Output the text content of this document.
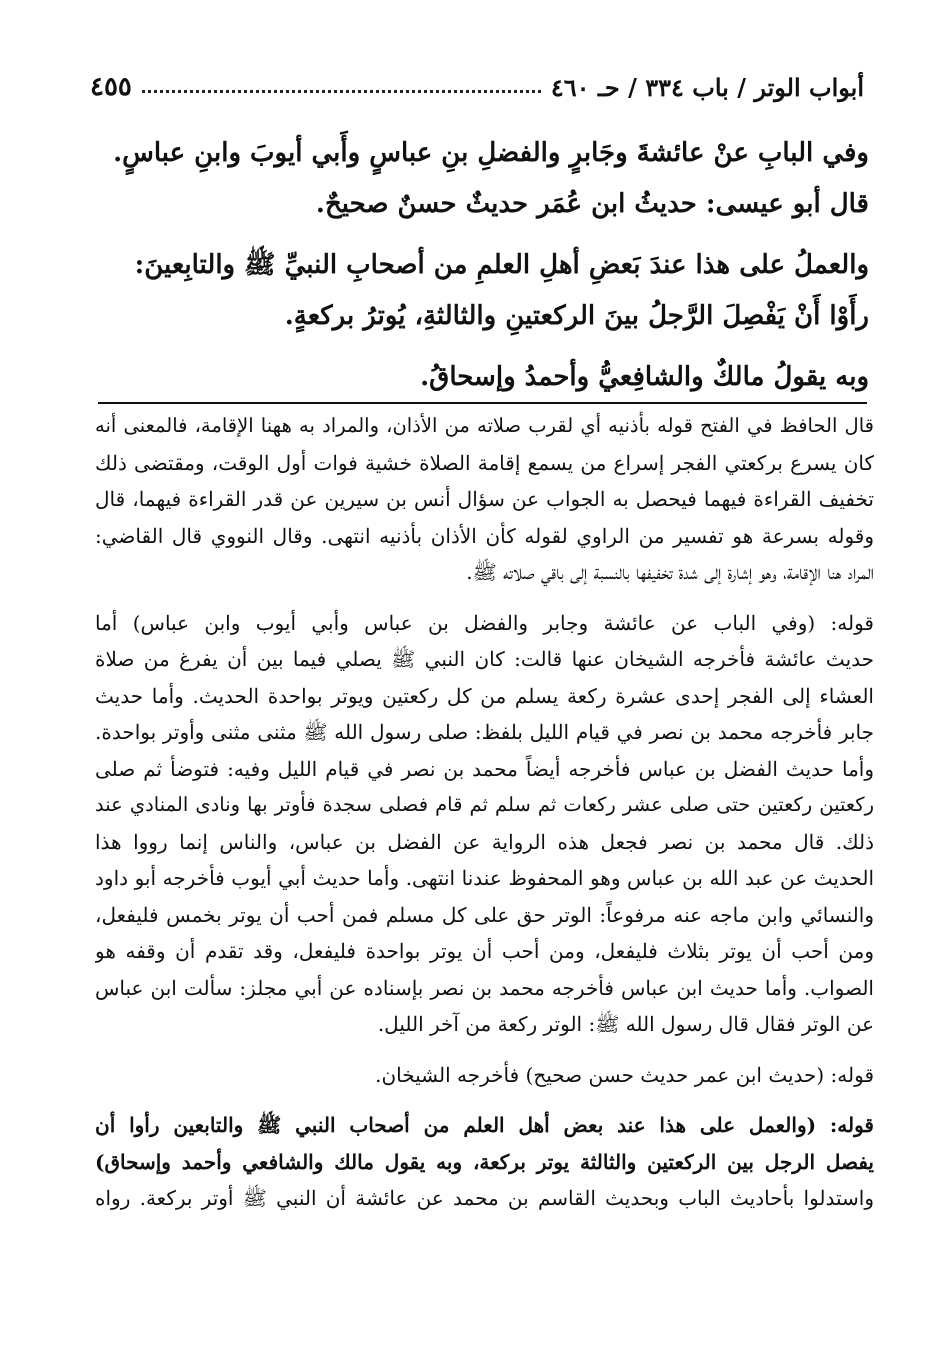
٤٥٥	أبواب الوتر / باب ٣٣٤ / حـ ٤٦٠
وفي البابِ عنْ عائشةَ وجَابرٍ والفضلِ بنِ عباسٍ وأَبي أيوبَ وابنِ عباسٍ.
قال أبو عيسى: حديثُ ابن عُمَر حديثٌ حسنٌ صحيحٌ.
والعملُ على هذا عندَ بَعضِ أهلِ العلمِ من أصحابِ النبيِّ ﷺ والتابِعينَ:
رأَوْا أَنْ يَفْصِلَ الرَّجلُ بينَ الركعتينِ والثالثةِ، يُوترُ بركعةٍ.
وبه يقولُ مالكٌ والشافِعيُّ وأحمدُ وإسحاقُ.
قال الحافظ في الفتح قوله بأذنيه أي لقرب صلاته من الأذان، والمراد به ههنا الإقامة، فالمعنى أنه
كان يسرع بركعتي الفجر إسراع من يسمع إقامة الصلاة خشية فوات أول الوقت، ومقتضى ذلك
تخفيف القراءة فيهما فيحصل به الجواب عن سؤال أنس بن سيرين عن قدر القراءة فيهما، قال
وقوله بسرعة هو تفسير من الراوي لقوله كأن الأذان بأذنيه انتهى. وقال النووي قال القاضي:
المراد هنا الإقامة، وهو إشارة إلى شدة تخفيفها بالنسبة إلى باقي صلاته ﷺ.
قوله: (وفي الباب عن عائشة وجابر والفضل بن عباس وأبي أيوب وابن عباس) أما
حديث عائشة فأخرجه الشيخان عنها قالت: كان النبي ﷺ يصلي فيما بين أن يفرغ من صلاة
العشاء إلى الفجر إحدى عشرة ركعة يسلم من كل ركعتين ويوتر بواحدة الحديث. وأما حديث
جابر فأخرجه محمد بن نصر في قيام الليل بلفظ: صلى رسول الله ﷺ مثنى مثنى وأوتر بواحدة.
وأما حديث الفضل بن عباس فأخرجه أيضاً محمد بن نصر في قيام الليل وفيه: فتوضأ ثم صلى
ركعتين ركعتين حتى صلى عشر ركعات ثم سلم ثم قام فصلى سجدة فأوتر بها ونادى المنادي عند
ذلك. قال محمد بن نصر فجعل هذه الرواية عن الفضل بن عباس، والناس إنما رووا هذا
الحديث عن عبد الله بن عباس وهو المحفوظ عندنا انتهى. وأما حديث أبي أيوب فأخرجه أبو داود
والنسائي وابن ماجه عنه مرفوعاً: الوتر حق على كل مسلم فمن أحب أن يوتر بخمس فليفعل،
ومن أحب أن يوتر بثلاث فليفعل، ومن أحب أن يوتر بواحدة فليفعل، وقد تقدم أن وقفه هو
الصواب. وأما حديث ابن عباس فأخرجه محمد بن نصر بإسناده عن أبي مجلز: سألت ابن عباس
عن الوتر فقال قال رسول الله ﷺ: الوتر ركعة من آخر الليل.
قوله: (حديث ابن عمر حديث حسن صحيح) فأخرجه الشيخان.
قوله: (والعمل على هذا عند بعض أهل العلم من أصحاب النبي ﷺ والتابعين رأوا أن
يفصل الرجل بين الركعتين والثالثة يوتر بركعة، وبه يقول مالك والشافعي وأحمد وإسحاق)
واستدلوا بأحاديث الباب وبحديث القاسم بن محمد عن عائشة أن النبي ﷺ أوتر بركعة. رواه
